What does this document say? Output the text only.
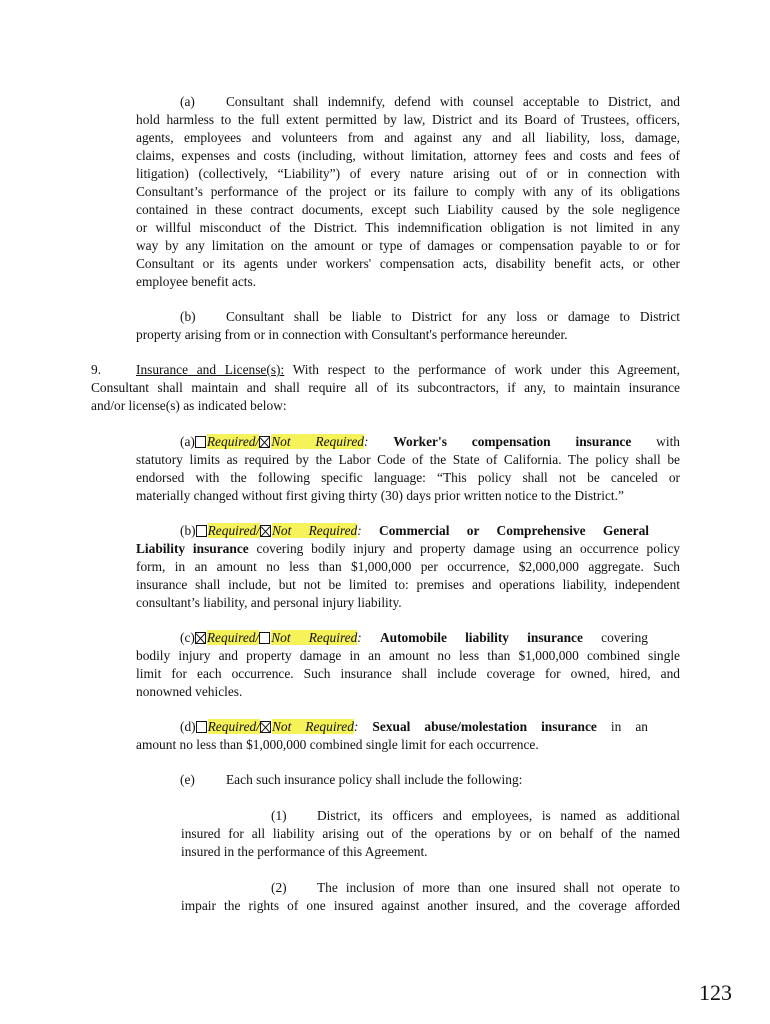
(a) Consultant shall indemnify, defend with counsel acceptable to District, and
hold harmless to the full extent permitted by law, District and its Board of Trustees, officers,
agents, employees and volunteers from and against any and all liability, loss, damage,
claims, expenses and costs (including, without limitation, attorney fees and costs and fees of
litigation) (collectively, “Liability”) of every nature arising out of or in connection with
Consultant’s performance of the project or its failure to comply with any of its obligations
contained in these contract documents, except such Liability caused by the sole negligence
or willful misconduct of the District. This indemnification obligation is not limited in any
way by any limitation on the amount or type of damages or compensation payable to or for
Consultant or its agents under workers' compensation acts, disability benefit acts, or other
employee benefit acts.
(b) Consultant shall be liable to District for any loss or damage to District
property arising from or in connection with Consultant's performance hereunder.
9.	Insurance and License(s): With respect to the performance of work under this Agreement,
Consultant shall maintain and shall require all of its subcontractors, if any, to maintain insurance
and/or license(s) as indicated below:
(a) Required/ Not Required: Worker's compensation insurance with
statutory limits as required by the Labor Code of the State of California. The policy shall be
endorsed with the following specific language: “This policy shall not be canceled or
materially changed without first giving thirty (30) days prior written notice to the District.”
(b) Required/ Not Required: Commercial or Comprehensive General
Liability insurance covering bodily injury and property damage using an occurrence policy
form, in an amount no less than $1,000,000 per occurrence, $2,000,000 aggregate. Such
insurance shall include, but not be limited to: premises and operations liability, independent
consultant’s liability, and personal injury liability.
(c) Required/ Not Required: Automobile liability insurance covering
bodily injury and property damage in an amount no less than $1,000,000 combined single
limit for each occurrence. Such insurance shall include coverage for owned, hired, and
nonowned vehicles.
(d) Required/ Not Required: Sexual abuse/molestation insurance in an
amount no less than $1,000,000 combined single limit for each occurrence.
(e) Each such insurance policy shall include the following:
(1) District, its officers and employees, is named as additional
insured for all liability arising out of the operations by or on behalf of the named
insured in the performance of this Agreement.
(2) The inclusion of more than one insured shall not operate to
impair the rights of one insured against another insured, and the coverage afforded
123
